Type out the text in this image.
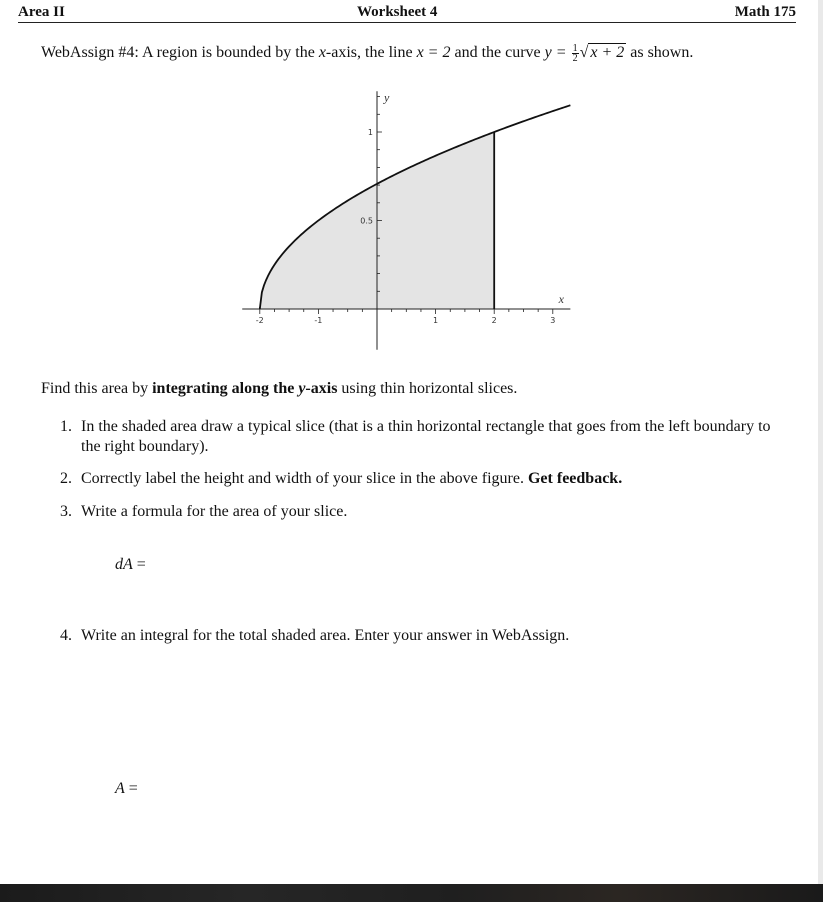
Area II	Worksheet 4	Math 175
WebAssign #4: A region is bounded by the x-axis, the line x = 2 and the curve $y = \frac{1}{2}$ √ x + 2 as shown.
-2	-1	1	2	3
0.5
1
y
x
Find this area by integrating along the y-axis using thin horizontal slices.
1. In the shaded area draw a typical slice (that is a thin horizontal rectangle that goes from the left boundary to the right boundary).
2. Correctly label the height and width of your slice in the above figure. Get feedback.
3. Write a formula for the area of your slice.
dA =
4. Write an integral for the total shaded area. Enter your answer in WebAssign.
A =
